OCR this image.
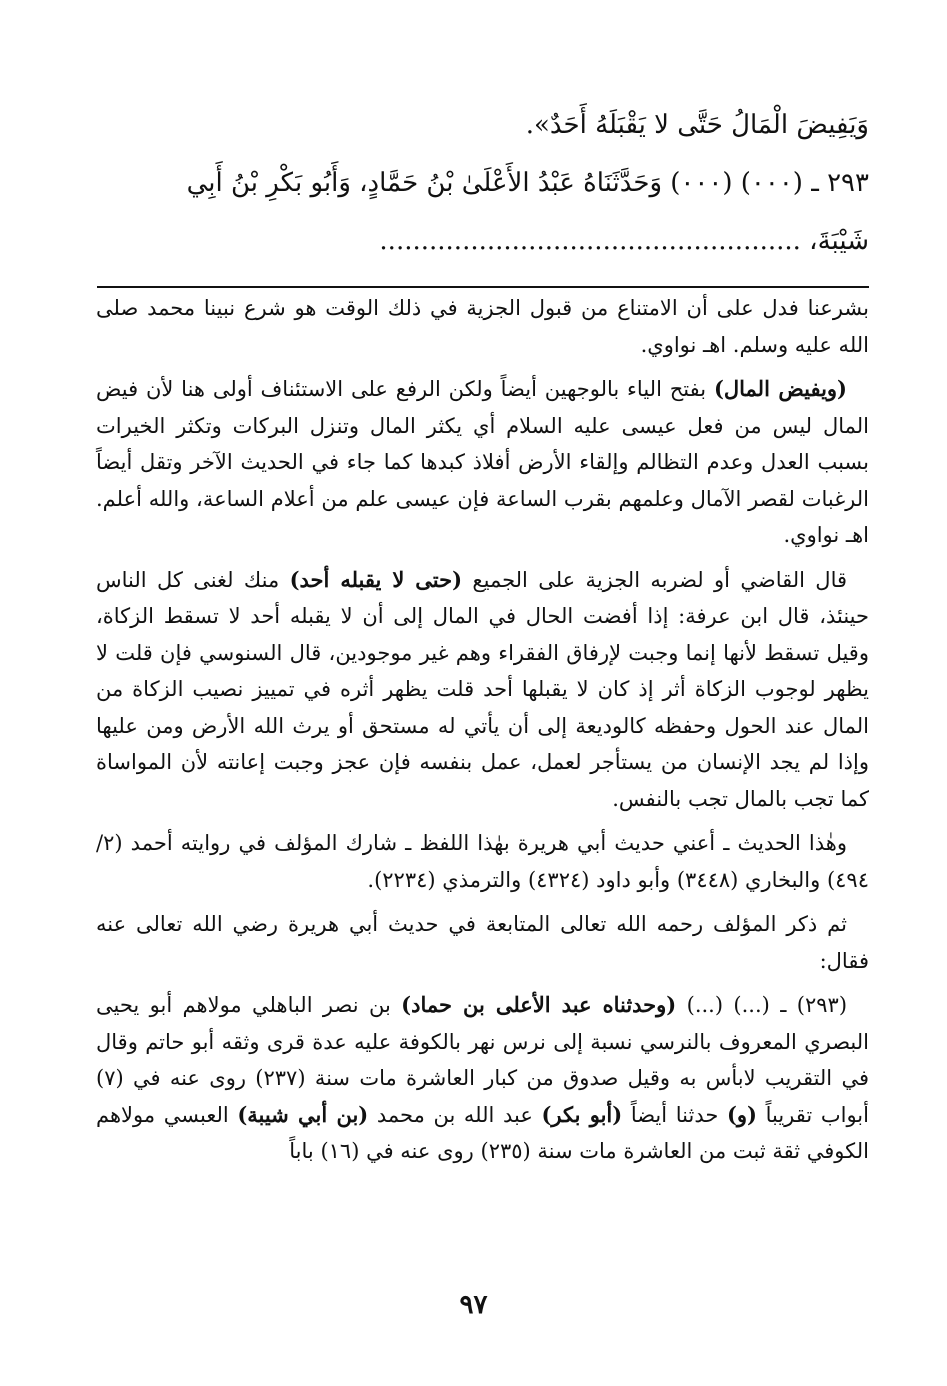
وَيَفِيضَ الْمَالُ حَتَّى لا يَقْبَلَهُ أَحَدٌ».
٢٩٣ ـ (٠٠٠) (٠٠٠) وَحَدَّثَنَاهُ عَبْدُ الأَعْلَىٰ بْنُ حَمَّادٍ، وَأَبُو بَكْرِ بْنُ أَبِي
شَيْبَةَ، ...................................................

بشرعنا فدل على أن الامتناع من قبول الجزية في ذلك الوقت هو شرع نبينا محمد صلى الله عليه وسلم. اهـ نواوي.

(ويفيض المال) بفتح الياء بالوجهين أيضاً ولكن الرفع على الاستئناف أولى هنا لأن فيض المال ليس من فعل عيسى عليه السلام أي يكثر المال وتنزل البركات وتكثر الخيرات بسبب العدل وعدم التظالم وإلقاء الأرض أفلاذ كبدها كما جاء في الحديث الآخر وتقل أيضاً الرغبات لقصر الآمال وعلمهم بقرب الساعة فإن عيسى علم من أعلام الساعة، والله أعلم. اهـ نواوي.

قال القاضي أو لضربه الجزية على الجميع (حتى لا يقبله أحد) منك لغنى كل الناس حينئذ، قال ابن عرفة: إذا أفضت الحال في المال إلى أن لا يقبله أحد لا تسقط الزكاة، وقيل تسقط لأنها إنما وجبت لإرفاق الفقراء وهم غير موجودين، قال السنوسي فإن قلت لا يظهر لوجوب الزكاة أثر إذ كان لا يقبلها أحد قلت يظهر أثره في تمييز نصيب الزكاة من المال عند الحول وحفظه كالوديعة إلى أن يأتي له مستحق أو يرث الله الأرض ومن عليها وإذا لم يجد الإنسان من يستأجر لعمل، عمل بنفسه فإن عجز وجبت إعانته لأن المواساة كما تجب بالمال تجب بالنفس.

وهٰذا الحديث ـ أعني حديث أبي هريرة بهٰذا اللفظ ـ شارك المؤلف في روايته أحمد (٢/ ٤٩٤) والبخاري (٣٤٤٨) وأبو داود (٤٣٢٤) والترمذي (٢٢٣٤).

ثم ذكر المؤلف رحمه الله تعالى المتابعة في حديث أبي هريرة رضي الله تعالى عنه فقال:

(٢٩٣) ـ (...) (...) (وحدثناه عبد الأعلى بن حماد) بن نصر الباهلي مولاهم أبو يحيى البصري المعروف بالنرسي نسبة إلى نرس نهر بالكوفة عليه عدة قرى وثقه أبو حاتم وقال في التقريب لابأس به وقيل صدوق من كبار العاشرة مات سنة (٢٣٧) روى عنه في (٧) أبواب تقريباً (و) حدثنا أيضاً (أبو بكر) عبد الله بن محمد (بن أبي شيبة) العبسي مولاهم الكوفي ثقة ثبت من العاشرة مات سنة (٢٣٥) روى عنه في (١٦) باباً

٩٧
